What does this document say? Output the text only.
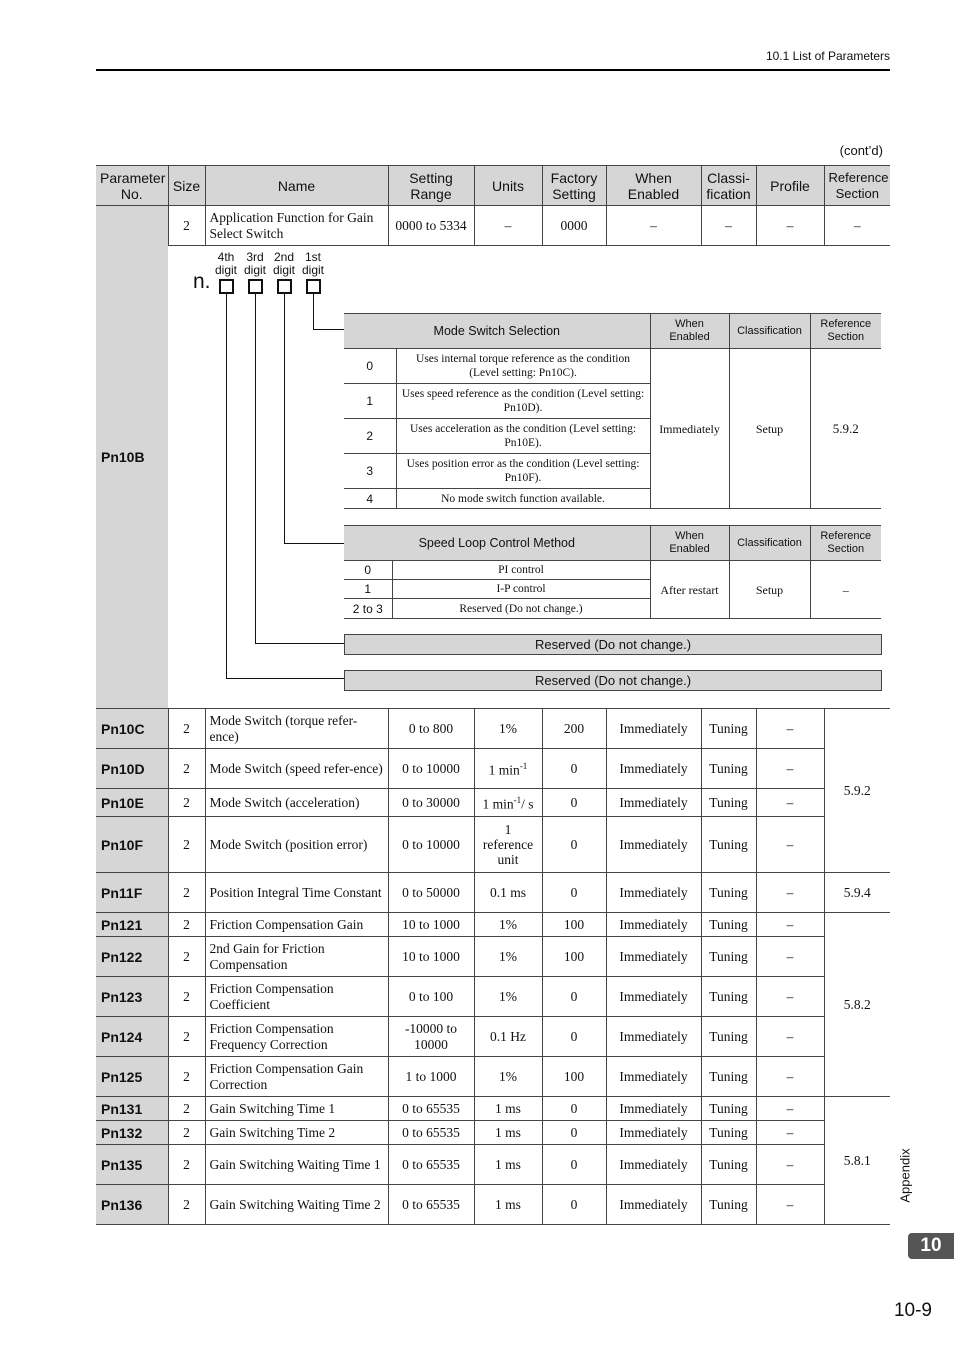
10.1 List of Parameters
(cont’d)
Parameter No.	Size	Name	Setting Range	Units	Factory Setting	When Enabled	Classi-fication	Profile	Reference Section
Pn10B	2	Application Function for Gain Select Switch	0000 to 5334	–	0000	–	–	–	–

4th digit
3rd digit
2nd digit
1st digit
n.
Mode Switch Selection	When Enabled	Classification	Reference Section
0	Uses internal torque reference as the condition (Level setting: Pn10C).	Immediately	Setup	5.9.2
1	Uses speed reference as the condition (Level setting: Pn10D).
2	Uses acceleration as the condition (Level setting: Pn10E).
3	Uses position error as the condition (Level setting: Pn10F).
4	No mode switch function available.
Speed Loop Control Method	When Enabled	Classification	Reference Section
0	PI control	After restart	Setup	–
1	I-P control
2 to 3	Reserved (Do not change.)
Reserved (Do not change.)
Reserved (Do not change.)

Pn10C	2	Mode Switch (torque refer-ence)	0 to 800	1%	200	Immediately	Tuning	–	5.9.2
Pn10D	2	Mode Switch (speed refer-ence)	0 to 10000	1 $\min^{-1}$	0	Immediately	Tuning	–
Pn10E	2	Mode Switch (acceleration)	0 to 30000	1 $\min^{-1}/$ s	0	Immediately	Tuning	–
Pn10F	2	Mode Switch (position error)	0 to 10000	1 reference unit	0	Immediately	Tuning	–
Pn11F	2	Position Integral Time Constant	0 to 50000	0.1 ms	0	Immediately	Tuning	–	5.9.4
Pn121	2	Friction Compensation Gain	10 to 1000	1%	100	Immediately	Tuning	–	5.8.2
Pn122	2	2nd Gain for Friction Compensation	10 to 1000	1%	100	Immediately	Tuning	–
Pn123	2	Friction Compensation Coefficient	0 to 100	1%	0	Immediately	Tuning	–
Pn124	2	Friction Compensation Frequency Correction	-10000 to 10000	0.1 Hz	0	Immediately	Tuning	–
Pn125	2	Friction Compensation Gain Correction	1 to 1000	1%	100	Immediately	Tuning	–
Pn131	2	Gain Switching Time 1	0 to 65535	1 ms	0	Immediately	Tuning	–	5.8.1
Pn132	2	Gain Switching Time 2	0 to 65535	1 ms	0	Immediately	Tuning	–
Pn135	2	Gain Switching Waiting Time 1	0 to 65535	1 ms	0	Immediately	Tuning	–
Pn136	2	Gain Switching Waiting Time 2	0 to 65535	1 ms	0	Immediately	Tuning	–
Appendix
10
10-9
